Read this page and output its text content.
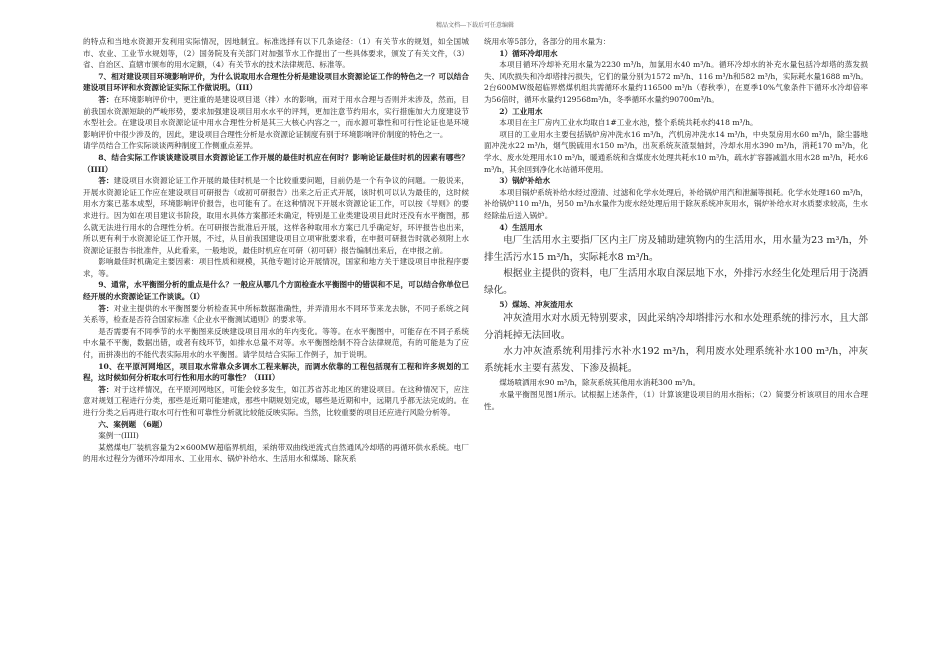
精品文档---下载后可任意编辑

的特点和当地水资源开发利用实际情况，因地制宜。标准选择有以下几条途径：（1）有关节水的规划，如全国城市、农业、工业节水规划等，（2）国务院及有关部门对加强节水工作提出了一些具体要求，颁发了有关文件，（3）省、自治区、直辖市颁布的用水定额，（4）有关节水的技术法律规范、标准等。

7、相对建设项目环境影响评价，为什么说取用水合理性分析是建设项目水资源论证工作的特色之一？可以结合建设项目环评和水资源论证实际工作做说明。（III）

答：在环境影响评价中，更注重的是建设项目退（排）水的影响，而对于用水合理与否则并未涉及，然而，目前我国水资源短缺的严峻形势，要求加强建设项目用水水平的评判，更加注意节约用水，实行措施加大力度建设节水型社会。在建设项目水资源论证中用水合理性分析是其三大核心内容之一，而水源可靠性和可行性论证也是环境影响评价中很少涉及的，因此，建设项目合理性分析是水资源论证制度有别于环境影响评价制度的特色之一。

请学员结合工作实际谈谈两种制度工作侧重点差异。

8、结合实际工作谈谈建设项目水资源论证工作开展的最佳时机应在何时？影响论证最佳时机的因素有哪些？（IIII）

答：建设项目水资源论证工作开展的最佳时机是一个比较重要问题，目前仍是一个有争议的问题。一般说来，开展水资源论证工作应在建设项目可研报告（或初可研报告）出来之后正式开展，该时机可以认为最佳的，这时候用水方案已基本成型，环境影响评价报告，也可能有了。在这种情况下开展水资源论证工作，可以按《导则》的要求进行。因为如在项目建议书阶段，取用水具体方案都还未确定，特别是工业类建设项目此时还没有水平衡图，那么就无法进行用水的合理性分析。在可研报告批准后开展，这样各种取用水方案已几乎确定好，环评报告也出来，所以更有利于水资源论证工作开展，不过，从目前我国建设项目立项审批要求看，在申报可研报告时就必须附上水资源论证报告书批准件，从此看来，一般地说，最佳时机应在可研（初可研）报告编制出来后，在申报之前。

影响最佳时机确定主要因素：项目性质和规模，其他专题讨论开展情况，国家和地方关于建设项目申批程序要求，等。

9、通常，水平衡图分析的重点是什么？一般应从哪几个方面检查水平衡图中的错误和不足，可以结合你单位已经开展的水资源论证工作谈谈。（I）

答：对业主提供的水平衡图要分析检查其中所标数据准确性，并弄清用水不同环节来龙去脉，不同子系统之间关系等，检查是否符合国家标准《企业水平衡测试通则》的要求等。

是否需要有不同季节的水平衡图来反映建设项目用水的年内变化。等等。在水平衡图中，可能存在不同子系统中水量不平衡，数据出错，或者有线环节，如排水总量不对等。水平衡图绘制不符合法律规范，有的可能是为了应付，而拼凑出的不能代表实际用水的水平衡图。请学员结合实际工作例子，加于说明。

10、在平原河网地区，项目取水常靠众多调水工程来解决，而调水依靠的工程包括现有工程和许多规划的工程，这时候如何分析取水可行性和用水的可靠性？（IIII）

答：对于这样情况，在平原河网地区，可能会较多发生，如江苏省苏北地区的建设项目。在这种情况下，应注意对规划工程进行分类，那些是近期可能建成，那些中期规划完成，哪些是近期和中，远期几乎都无法完成的。在进行分类之后再进行取水可行性和可靠性分析就比较能反映实际。当然，比较重要的项目还应进行风险分析等。

六、案例题 （6题）

案例一(IIII)

某燃煤电厂装机容量为2×600MW超临界机组，采纳带双曲线逆流式自然通风冷却塔的再循环供水系统。电厂的用水过程分为循环冷却用水、工业用水、锅炉补给水、生活用水和煤场、除灰系

统用水等5部分，各部分的用水量为：

1）循环冷却用水

本项目循环冷却补充用水量为2230 m³/h，加氯用水40 m³/h。循环冷却水的补充水量包括冷却塔的蒸发损失、风吹损失和冷却塔排污损失，它们的量分别为1572 m³/h、116 m³/h和582 m³/h，实际耗水量1688 m³/h。2台600MW级超临界燃煤机组共需循环水量约116500 m³/h（春秋季），在夏季10%气象条件下循环水冷却倍率为56倍时，循环水量约129568m³/h，冬季循环水量约90700m³/h。

2）工业用水

本项目在主厂房内工业水均取自1#工业水池，整个系统共耗水约418 m³/h。

项目的工业用水主要包括锅炉房冲洗水16 m³/h，汽机房冲洗水14 m³/h，中央泵房用水60 m³/h，除尘器地面冲洗水22 m³/h，烟气脱硫用水150 m³/h，出灰系统灰渣泵轴封，冷却水用水390 m³/h，消耗170 m³/h，化学水、废水处理用水10 m³/h，暖通系统和含煤废水处理共耗水10 m³/h，疏水扩容器减温水用水28 m³/h，耗水6 m³/h，其余回到净化水站循环使用。

3）锅炉补给水

本项目锅炉系统补给水经过澄清、过滤和化学水处理后，补给锅炉用汽和泄漏等损耗。化学水处理160 m³/h，补给锅炉110 m³/h，另50 m³/h水量作为废水经处理后用于除灰系统冲灰用水，锅炉补给水对水质要求较高，生水经除盐后送入锅炉。

4）生活用水

电厂生活用水主要指厂区内主厂房及辅助建筑物内的生活用水，用水量为23 m³/h，外排生活污水15 m³/h，实际耗水8 m³/h。

根据业主提供的资料，电厂生活用水取自深层地下水，外排污水经生化处理后用于浇洒绿化。

5）煤场、冲灰渣用水

冲灰渣用水对水质无特别要求，因此采纳冷却塔排污水和水处理系统的排污水，且大部分消耗掉无法回收。

水力冲灰渣系统利用排污水补水192 m³/h，利用废水处理系统补水100 m³/h，冲灰系统耗水主要有蒸发、下渗及损耗。

煤场喷洒用水90 m³/h，除灰系统其他用水消耗300 m³/h。

水量平衡图见图1所示。试根据上述条件，（1）计算该建设项目的用水指标；（2）简要分析该项目的用水合理性。
